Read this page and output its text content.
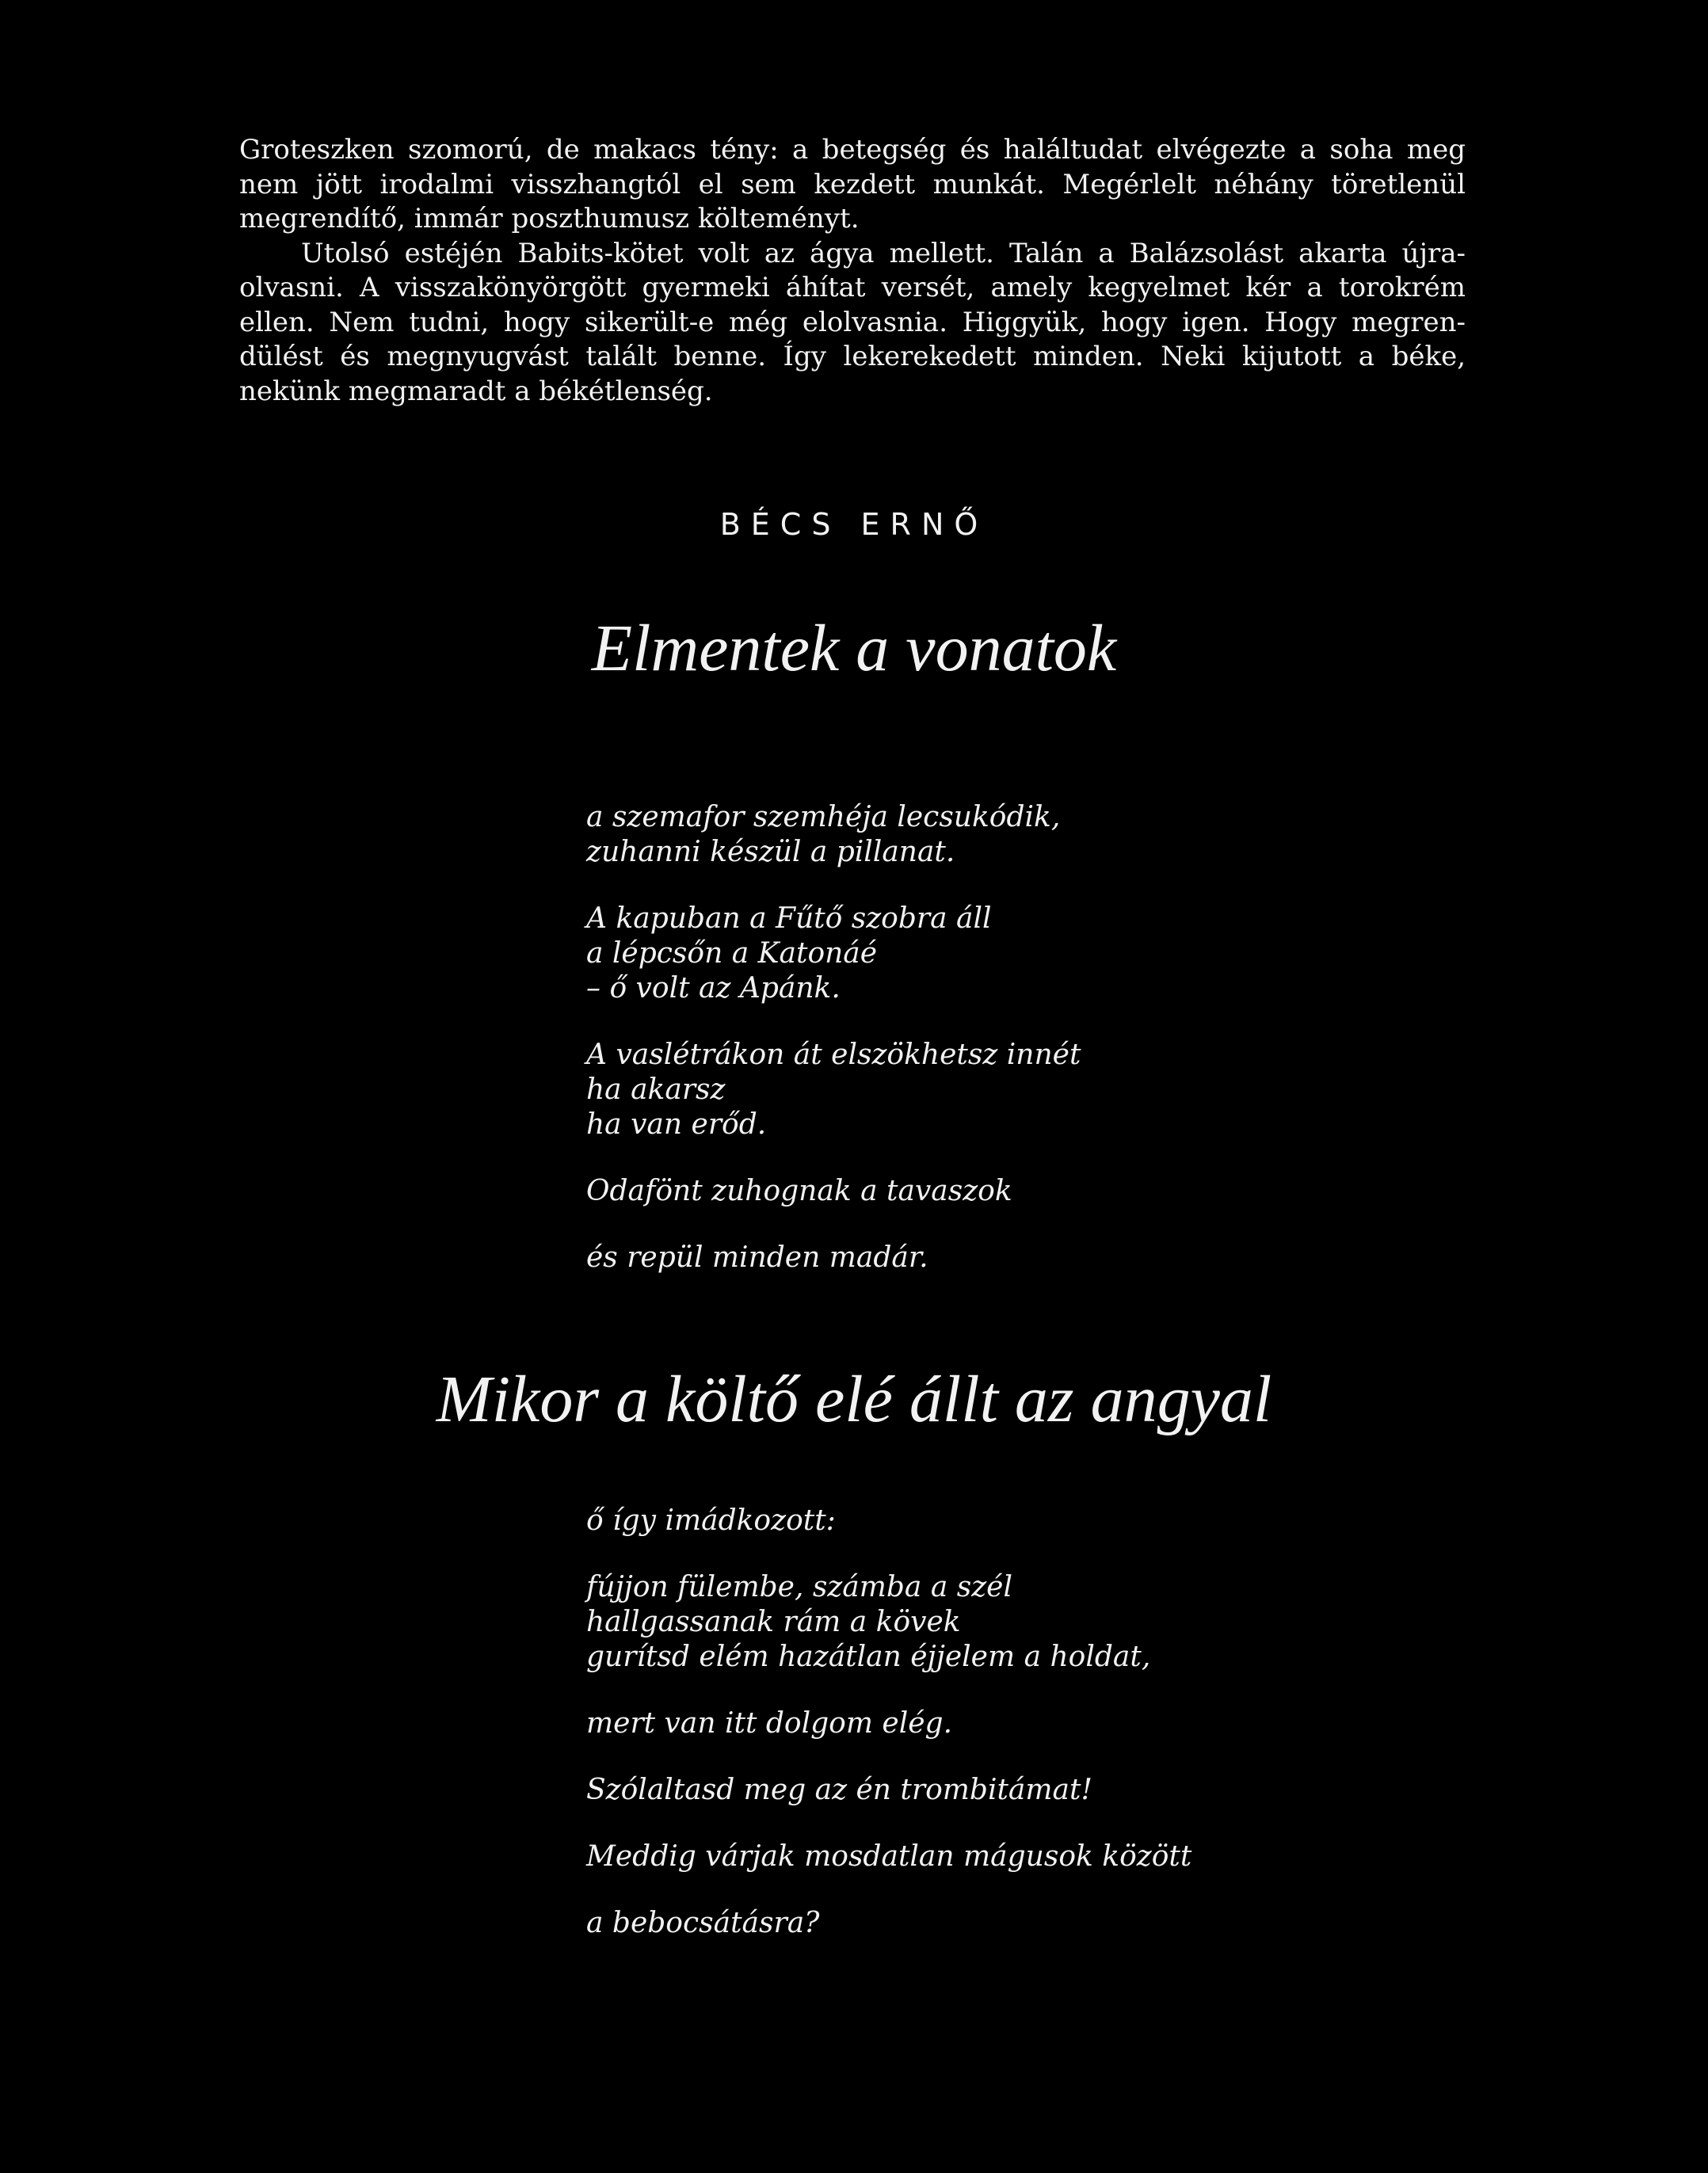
Groteszken szomorú, de makacs tény: a betegség és haláltudat elvégezte a soha meg
nem jött irodalmi visszhangtól el sem kezdett munkát. Megérlelt néhány töretlenül
megrendítő, immár poszthumusz költeményt.
Utolsó estéjén Babits-kötet volt az ágya mellett. Talán a Balázsolást akarta újra-
olvasni. A visszakönyörgött gyermeki áhítat versét, amely kegyelmet kér a torokrém
ellen. Nem tudni, hogy sikerült-e még elolvasnia. Higgyük, hogy igen. Hogy megren-
dülést és megnyugvást talált benne. Így lekerekedett minden. Neki kijutott a béke,
nekünk megmaradt a békétlenség.
BÉCS ERNŐ
Elmentek a vonatok
a szemafor szemhéja lecsukódik,
zuhanni készül a pillanat.
A kapuban a Fűtő szobra áll
a lépcsőn a Katonáé
– ő volt az Apánk.
A vaslétrákon át elszökhetsz innét
ha akarsz
ha van erőd.
Odafönt zuhognak a tavaszok
és repül minden madár.
Mikor a költő elé állt az angyal
ő így imádkozott:
fújjon fülembe, számba a szél
hallgassanak rám a kövek
gurítsd elém hazátlan éjjelem a holdat,
mert van itt dolgom elég.
Szólaltasd meg az én trombitámat!
Meddig várjak mosdatlan mágusok között
a bebocsátásra?
